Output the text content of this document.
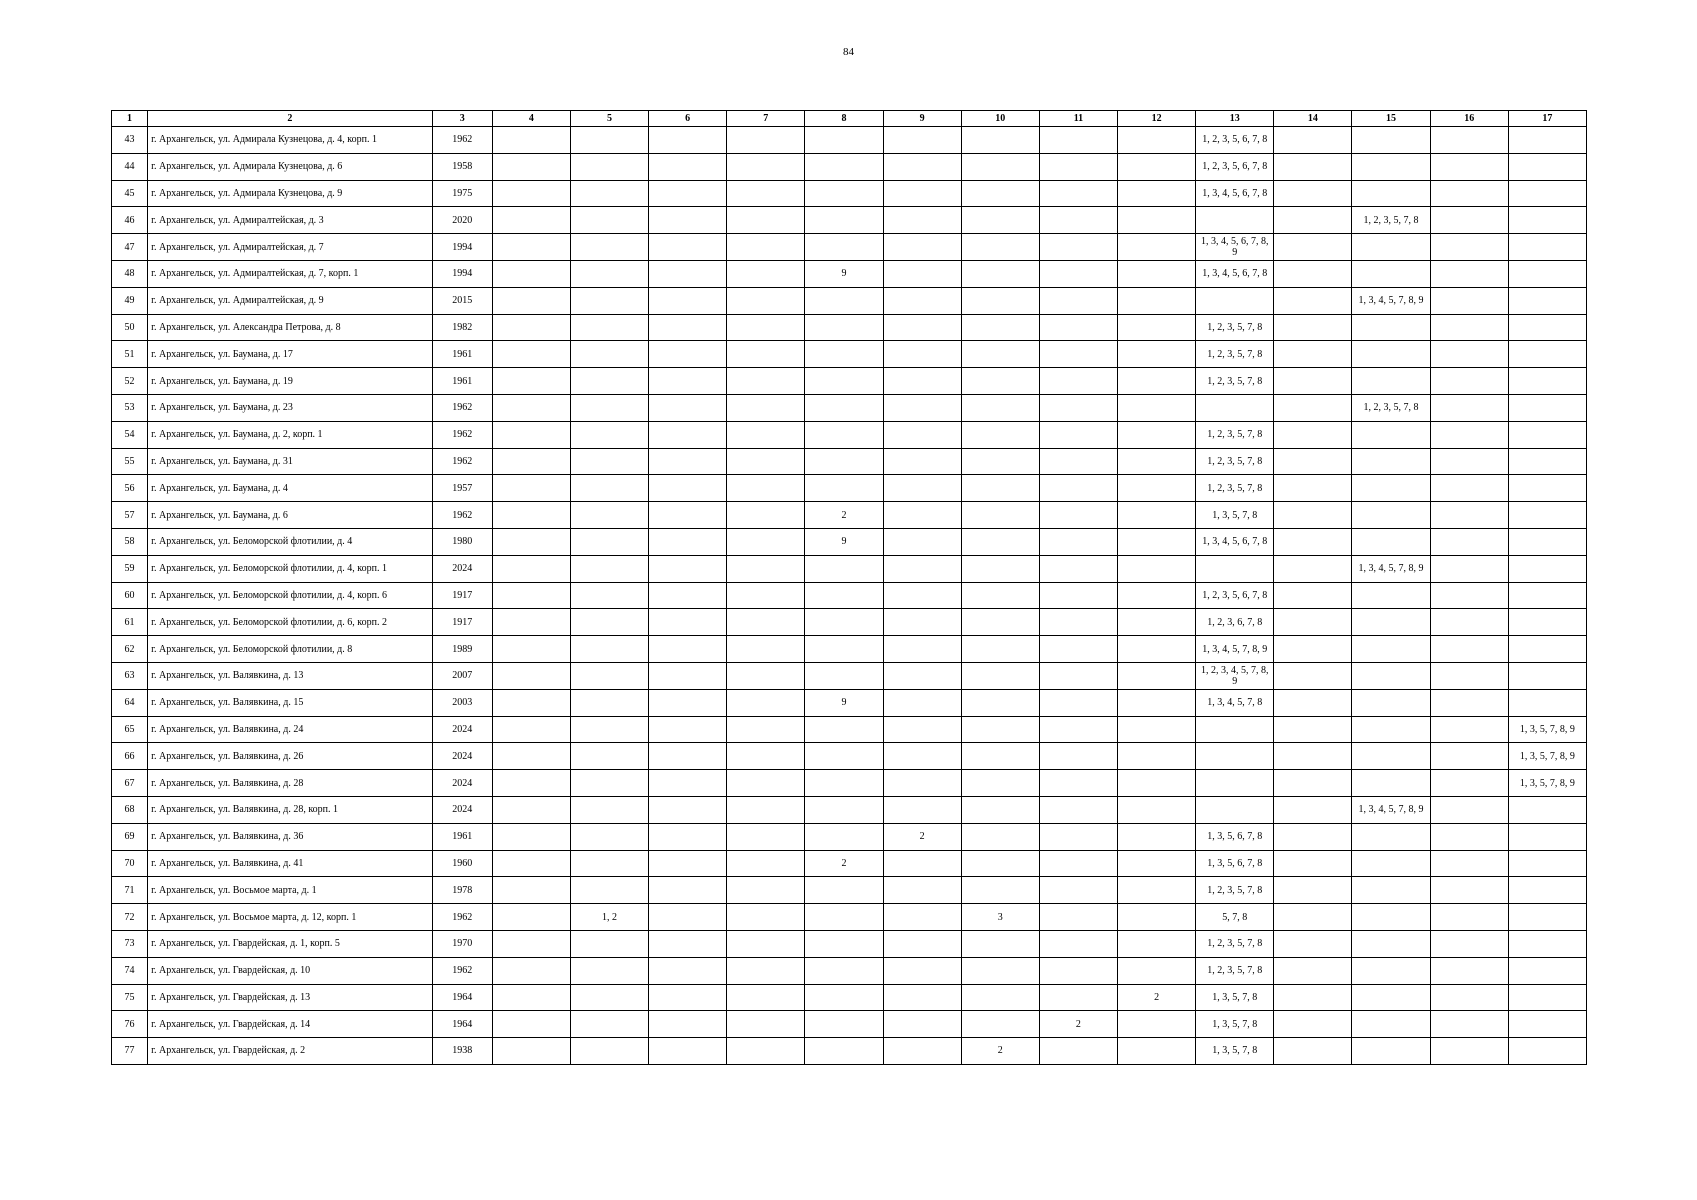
84
1	2	3	4	5	6	7	8	9	10	11	12	13	14	15	16	17
43	г. Архангельск, ул. Адмирала Кузнецова, д. 4, корп. 1	1962										1, 2, 3, 5, 6, 7, 8				
44	г. Архангельск, ул. Адмирала Кузнецова, д. 6	1958										1, 2, 3, 5, 6, 7, 8				
45	г. Архангельск, ул. Адмирала Кузнецова, д. 9	1975										1, 3, 4, 5, 6, 7, 8				
46	г. Архангельск, ул. Адмиралтейская, д. 3	2020												1, 2, 3, 5, 7, 8		
47	г. Архангельск, ул. Адмиралтейская, д. 7	1994										1, 3, 4, 5, 6, 7, 8, 9				
48	г. Архангельск, ул. Адмиралтейская, д. 7, корп. 1	1994					9					1, 3, 4, 5, 6, 7, 8				
49	г. Архангельск, ул. Адмиралтейская, д. 9	2015												1, 3, 4, 5, 7, 8, 9		
50	г. Архангельск, ул. Александра Петрова, д. 8	1982										1, 2, 3, 5, 7, 8				
51	г. Архангельск, ул. Баумана, д. 17	1961										1, 2, 3, 5, 7, 8				
52	г. Архангельск, ул. Баумана, д. 19	1961										1, 2, 3, 5, 7, 8				
53	г. Архангельск, ул. Баумана, д. 23	1962												1, 2, 3, 5, 7, 8		
54	г. Архангельск, ул. Баумана, д. 2, корп. 1	1962										1, 2, 3, 5, 7, 8				
55	г. Архангельск, ул. Баумана, д. 31	1962										1, 2, 3, 5, 7, 8				
56	г. Архангельск, ул. Баумана, д. 4	1957										1, 2, 3, 5, 7, 8				
57	г. Архангельск, ул. Баумана, д. 6	1962					2					1, 3, 5, 7, 8				
58	г. Архангельск, ул. Беломорской флотилии, д. 4	1980					9					1, 3, 4, 5, 6, 7, 8				
59	г. Архангельск, ул. Беломорской флотилии, д. 4, корп. 1	2024												1, 3, 4, 5, 7, 8, 9		
60	г. Архангельск, ул. Беломорской флотилии, д. 4, корп. 6	1917										1, 2, 3, 5, 6, 7, 8				
61	г. Архангельск, ул. Беломорской флотилии, д. 6, корп. 2	1917										1, 2, 3, 6, 7, 8				
62	г. Архангельск, ул. Беломорской флотилии, д. 8	1989										1, 3, 4, 5, 7, 8, 9				
63	г. Архангельск, ул. Валявкина, д. 13	2007										1, 2, 3, 4, 5, 7, 8, 9				
64	г. Архангельск, ул. Валявкина, д. 15	2003					9					1, 3, 4, 5, 7, 8				
65	г. Архангельск, ул. Валявкина, д. 24	2024														1, 3, 5, 7, 8, 9
66	г. Архангельск, ул. Валявкина, д. 26	2024														1, 3, 5, 7, 8, 9
67	г. Архангельск, ул. Валявкина, д. 28	2024														1, 3, 5, 7, 8, 9
68	г. Архангельск, ул. Валявкина, д. 28, корп. 1	2024												1, 3, 4, 5, 7, 8, 9		
69	г. Архангельск, ул. Валявкина, д. 36	1961						2				1, 3, 5, 6, 7, 8				
70	г. Архангельск, ул. Валявкина, д. 41	1960					2					1, 3, 5, 6, 7, 8				
71	г. Архангельск, ул. Восьмое марта, д. 1	1978										1, 2, 3, 5, 7, 8				
72	г. Архангельск, ул. Восьмое марта, д. 12, корп. 1	1962		1, 2					3			5, 7, 8				
73	г. Архангельск, ул. Гвардейская, д. 1, корп. 5	1970										1, 2, 3, 5, 7, 8				
74	г. Архангельск, ул. Гвардейская, д. 10	1962										1, 2, 3, 5, 7, 8				
75	г. Архангельск, ул. Гвардейская, д. 13	1964									2	1, 3, 5, 7, 8				
76	г. Архангельск, ул. Гвардейская, д. 14	1964								2		1, 3, 5, 7, 8				
77	г. Архангельск, ул. Гвардейская, д. 2	1938							2			1, 3, 5, 7, 8				
